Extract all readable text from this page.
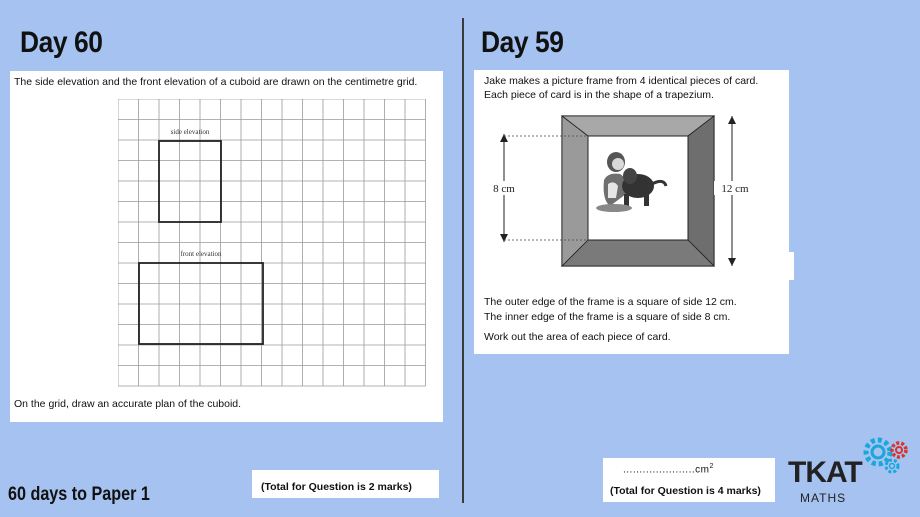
Day 60
The side elevation and the front elevation of a cuboid are drawn on the centimetre grid.
side elevation
front elevation
On the grid, draw an accurate plan of the cuboid.
(Total for Question is 2 marks)
Day 59
Jake makes a picture frame from 4 identical pieces of card.
Each piece of card is in the shape of a trapezium.
8 cm	12 cm
The outer edge of the frame is a square of side 12 cm.
The inner edge of the frame is a square of side 8 cm.
Work out the area of each piece of card.
$......................cm^2$
(Total for Question is 4 marks)
60 days to Paper 1
TKAT
MATHS
